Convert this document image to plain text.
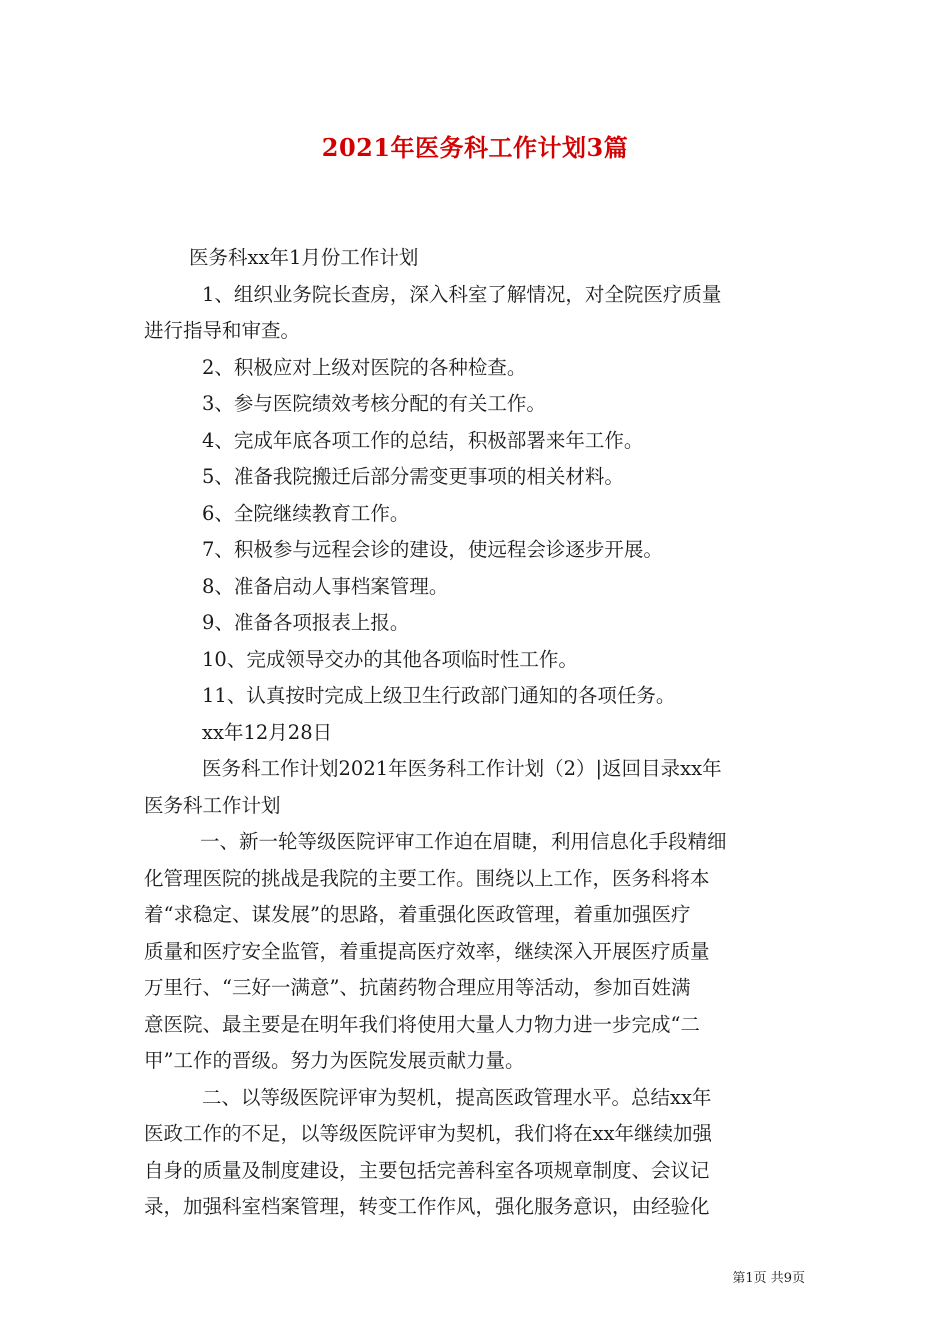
2021年医务科工作计划3篇

医务科xx年1月份工作计划

1、组织业务院长查房，深入科室了解情况，对全院医疗质量

进行指导和审查。

2、积极应对上级对医院的各种检查。

3、参与医院绩效考核分配的有关工作。

4、完成年底各项工作的总结，积极部署来年工作。

5、准备我院搬迁后部分需变更事项的相关材料。

6、全院继续教育工作。

7、积极参与远程会诊的建设，使远程会诊逐步开展。

8、准备启动人事档案管理。

9、准备各项报表上报。

10、完成领导交办的其他各项临时性工作。

11、认真按时完成上级卫生行政部门通知的各项任务。

xx年12月28日

医务科工作计划2021年医务科工作计划（2）|返回目录xx年

医务科工作计划

一、新一轮等级医院评审工作迫在眉睫，利用信息化手段精细

化管理医院的挑战是我院的主要工作。围绕以上工作，医务科将本

着“求稳定、谋发展”的思路，着重强化医政管理，着重加强医疗

质量和医疗安全监管，着重提高医疗效率，继续深入开展医疗质量

万里行、“三好一满意”、抗菌药物合理应用等活动，参加百姓满

意医院、最主要是在明年我们将使用大量人力物力进一步完成“二

甲”工作的晋级。努力为医院发展贡献力量。

二、以等级医院评审为契机，提高医政管理水平。总结xx年

医政工作的不足，以等级医院评审为契机，我们将在xx年继续加强

自身的质量及制度建设，主要包括完善科室各项规章制度、会议记

录，加强科室档案管理，转变工作作风，强化服务意识，由经验化

第1页 共9页
